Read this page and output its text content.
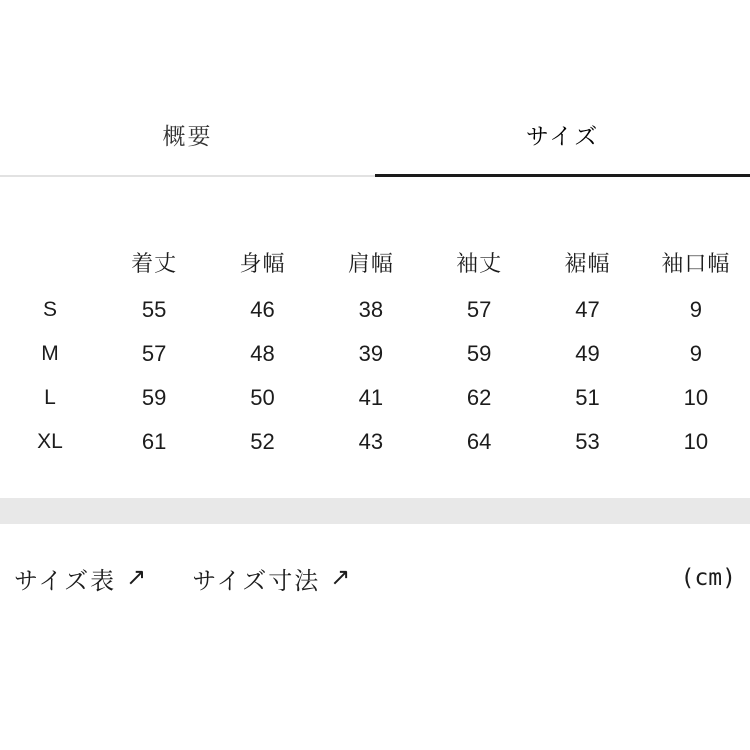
概要	サイズ
	着丈	身幅	肩幅	袖丈	裾幅	袖口幅
S	55	46	38	57	47	9
M	57	48	39	59	49	9
L	59	50	41	62	51	10
XL	61	52	43	64	53	10
サイズ表 ↗ サイズ寸法 ↗	(cm)
